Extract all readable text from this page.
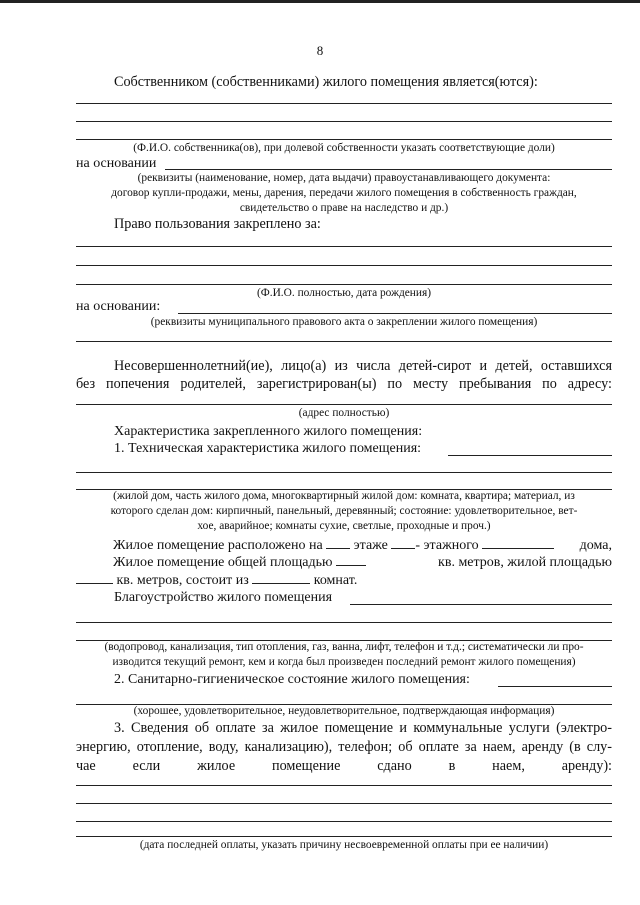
8
Собственником (собственниками) жилого помещения является(ются):
(Ф.И.О. собственника(ов), при долевой собственности указать соответствующие доли)
на основании
(реквизиты (наименование, номер, дата выдачи) правоустанавливающего документа:
договор купли-продажи, мены, дарения, передачи жилого помещения в собственность граждан,
свидетельство о праве на наследство и др.)
Право пользования закреплено за:
(Ф.И.О. полностью, дата рождения)
на основании:
(реквизиты муниципального правового акта о закреплении жилого помещения)
Несовершеннолетний(ие), лицо(а) из числа детей-сирот и детей, оставшихся
без попечения родителей, зарегистрирован(ы) по месту пребывания по адресу:
(адрес полностью)
Характеристика закрепленного жилого помещения:
1. Техническая характеристика жилого помещения:
(жилой дом, часть жилого дома, многоквартирный жилой дом: комната, квартира; материал, из
которого сделан дом: кирпичный, панельный, деревянный; состояние: удовлетворительное, вет-
хое, аварийное; комнаты сухие, светлые, проходные и проч.)
Жилое помещение расположено на этаже - этажного	дома,
Жилое помещение общей площадью	кв. метров, жилой площадью
кв. метров, состоит из	комнат.
Благоустройство жилого помещения
(водопровод, канализация, тип отопления, газ, ванна, лифт, телефон и т.д.; систематически ли про-
изводится текущий ремонт, кем и когда был произведен последний ремонт жилого помещения)
2. Санитарно-гигиеническое состояние жилого помещения:
(хорошее, удовлетворительное, неудовлетворительное, подтверждающая информация)
3. Сведения об оплате за жилое помещение и коммунальные услуги (электро-
энергию, отопление, воду, канализацию), телефон; об оплате за наем, аренду (в слу-
чае если жилое помещение сдано в наем, аренду):
(дата последней оплаты, указать причину несвоевременной оплаты при ее наличии)
